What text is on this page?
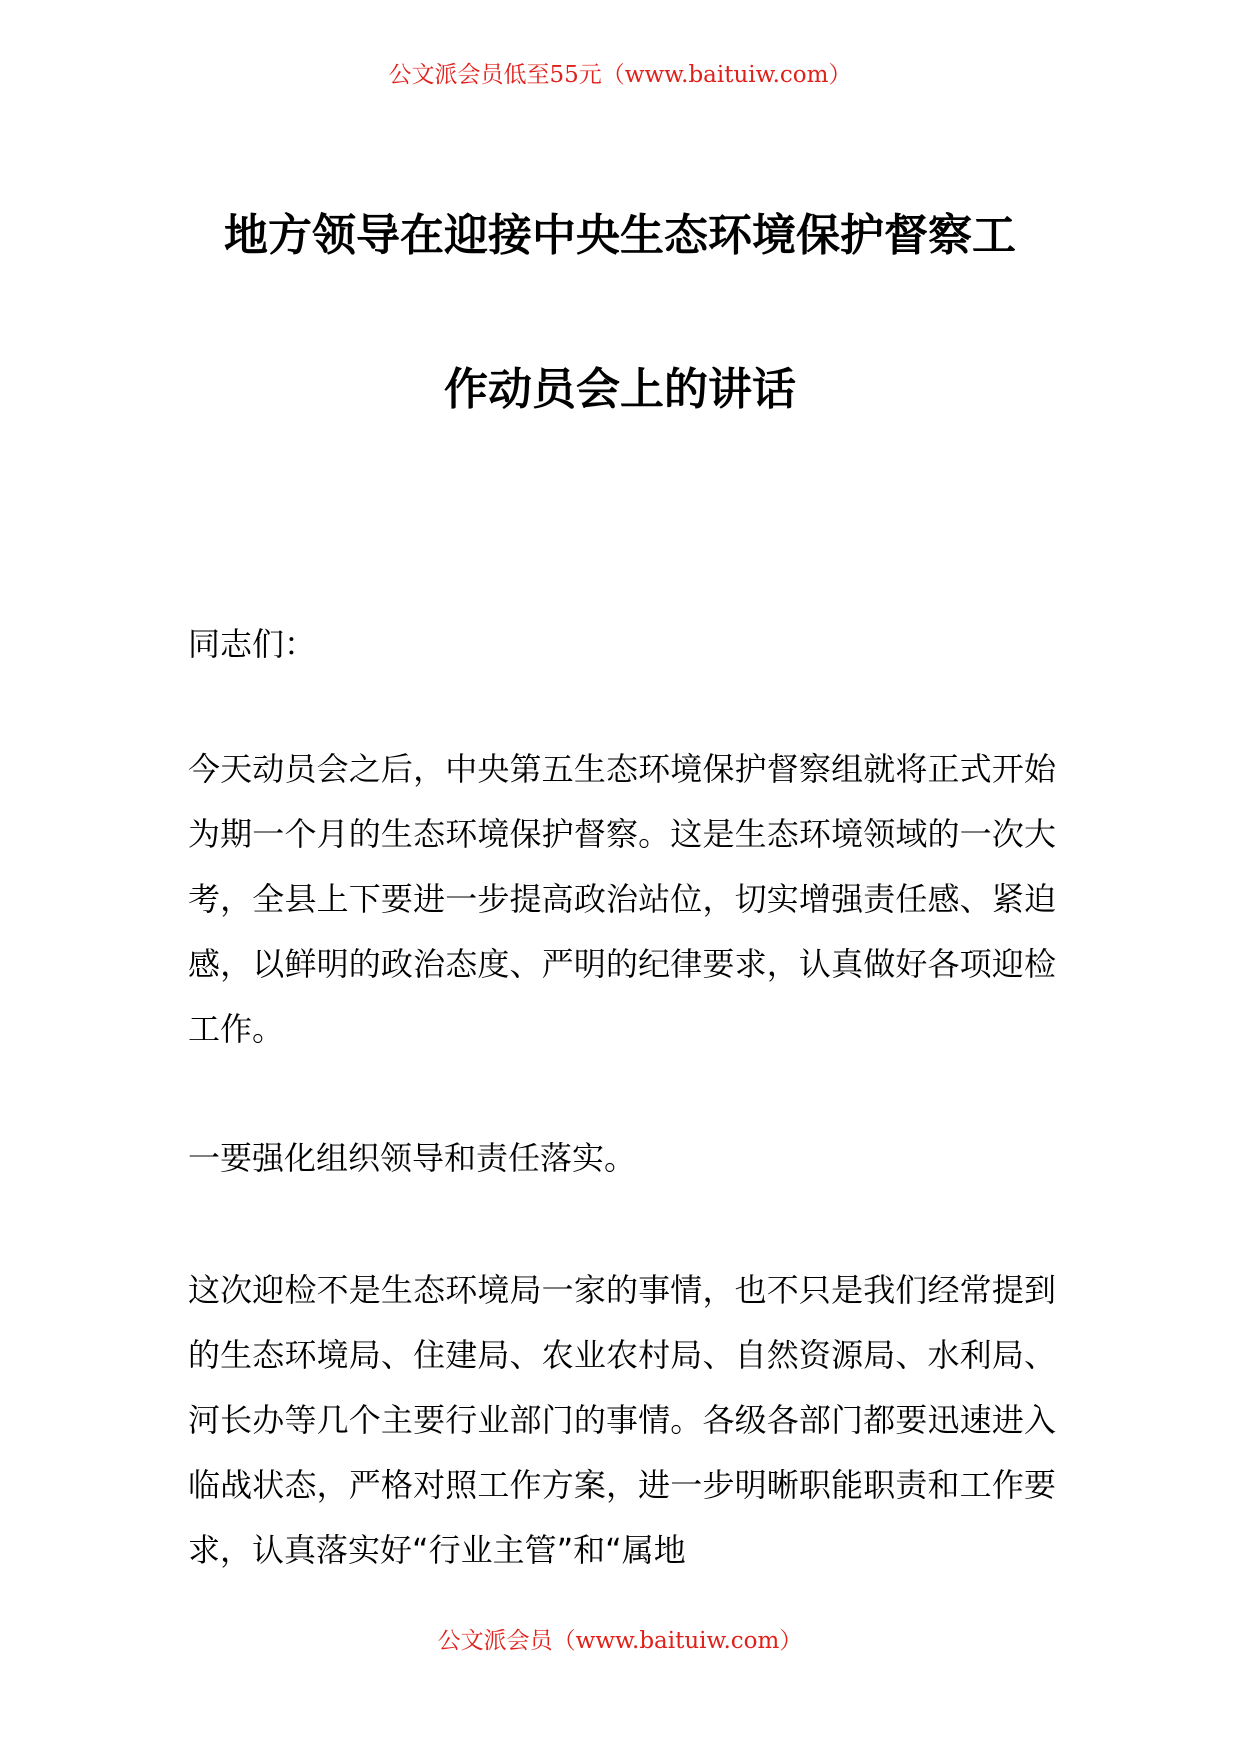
公文派会员低至55元（www.baituiw.com）
地方领导在迎接中央生态环境保护督察工
作动员会上的讲话
同志们：
今天动员会之后，中央第五生态环境保护督察组就将正式开始为期一个月的生态环境保护督察。这是生态环境领域的一次大考，全县上下要进一步提高政治站位，切实增强责任感、紧迫感，以鲜明的政治态度、严明的纪律要求，认真做好各项迎检工作。
一要强化组织领导和责任落实。
这次迎检不是生态环境局一家的事情，也不只是我们经常提到的生态环境局、住建局、农业农村局、自然资源局、水利局、河长办等几个主要行业部门的事情。各级各部门都要迅速进入临战状态，严格对照工作方案，进一步明晰职能职责和工作要求，认真落实好“行业主管”和“属地
公文派会员（www.baituiw.com）
